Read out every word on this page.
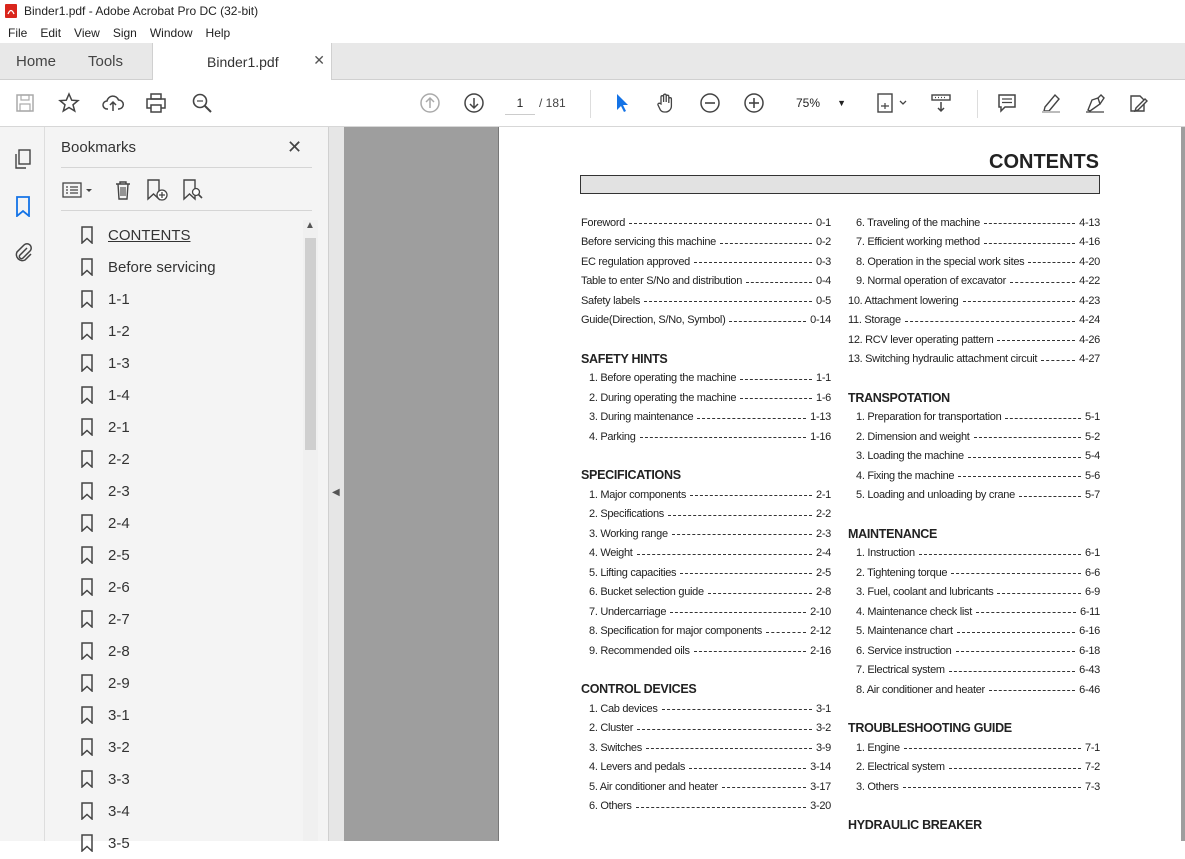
Binder1.pdf - Adobe Acrobat Pro DC (32-bit)
File	Edit	View	Sign	Window	Help
Home Tools	Binder1.pdf ✕
1	/ 181	75% ▼
Bookmarks	✕
CONTENTS
Before servicing
1-1
1-2
1-3
1-4
2-1
2-2
2-3
2-4
2-5
2-6
2-7
2-8
2-9
3-1
3-2
3-3
3-4
3-5
▲
◀
CONTENTS
Foreword	0-1
Before servicing this machine	0-2
EC regulation approved	0-3
Table to enter S/No and distribution	0-4
Safety labels	0-5
Guide(Direction, S/No, Symbol)	0-14
SAFETY HINTS
1. Before operating the machine	1-1
2. During operating the machine	1-6
3. During maintenance	1-13
4. Parking	1-16
SPECIFICATIONS
1. Major components	2-1
2. Specifications	2-2
3. Working range	2-3
4. Weight	2-4
5. Lifting capacities	2-5
6. Bucket selection guide	2-8
7. Undercarriage	2-10
8. Specification for major components	2-12
9. Recommended oils	2-16
CONTROL DEVICES
1. Cab devices	3-1
2. Cluster	3-2
3. Switches	3-9
4. Levers and pedals	3-14
5. Air conditioner and heater	3-17
6. Others	3-20
6. Traveling of the machine	4-13
7. Efficient working method	4-16
8. Operation in the special work sites	4-20
9. Normal operation of excavator	4-22
10. Attachment lowering	4-23
11. Storage	4-24
12. RCV lever operating pattern	4-26
13. Switching hydraulic attachment circuit	4-27
TRANSPOTATION
1. Preparation for transportation	5-1
2. Dimension and weight	5-2
3. Loading the machine	5-4
4. Fixing the machine	5-6
5. Loading and unloading by crane	5-7
MAINTENANCE
1. Instruction	6-1
2. Tightening torque	6-6
3. Fuel, coolant and lubricants	6-9
4. Maintenance check list	6-11
5. Maintenance chart	6-16
6. Service instruction	6-18
7. Electrical system	6-43
8. Air conditioner and heater	6-46
TROUBLESHOOTING GUIDE
1. Engine	7-1
2. Electrical system	7-2
3. Others	7-3
HYDRAULIC BREAKER
